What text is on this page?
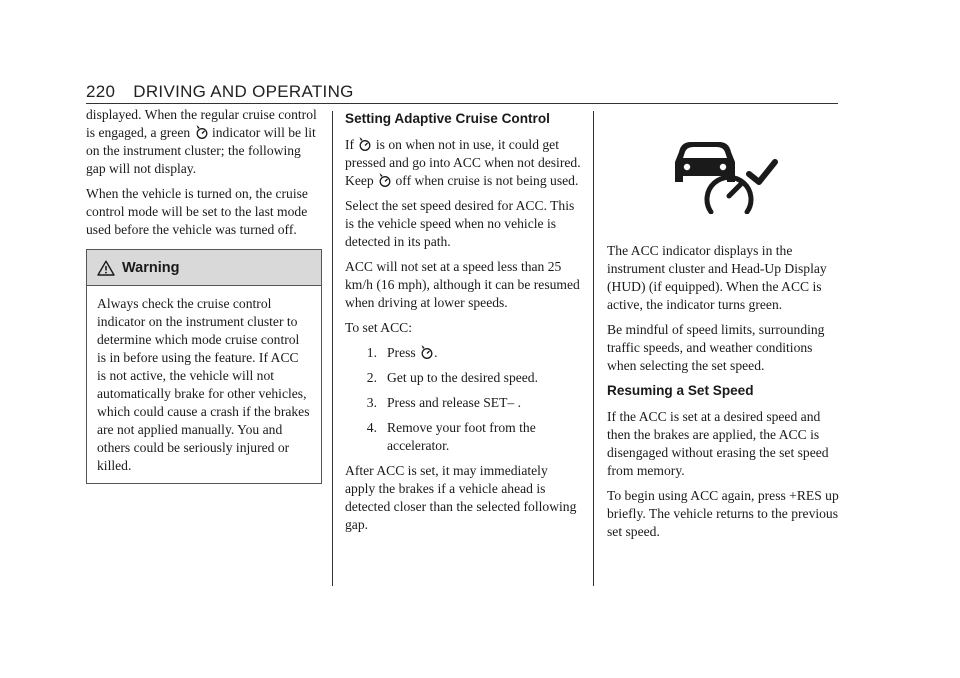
220 DRIVING AND OPERATING

displayed. When the regular cruise control is engaged, a green indicator will be lit on the instrument cluster; the following gap will not display.

When the vehicle is turned on, the cruise control mode will be set to the last mode used before the vehicle was turned off.

Warning
Always check the cruise control indicator on the instrument cluster to determine which mode cruise control is in before using the feature. If ACC is not active, the vehicle will not automatically brake for other vehicles, which could cause a crash if the brakes are not applied manually. You and others could be seriously injured or killed.
Setting Adaptive Cruise Control

If is on when not in use, it could get pressed and go into ACC when not desired. Keep off when cruise is not being used.

Select the set speed desired for ACC. This is the vehicle speed when no vehicle is detected in its path.

ACC will not set at a speed less than 25 km/h (16 mph), although it can be resumed when driving at lower speeds.

To set ACC:

1. Press .
2. Get up to the desired speed.
3. Press and release SET– .
4. Remove your foot from the accelerator.

After ACC is set, it may immediately apply the brakes if a vehicle ahead is detected closer than the selected following gap.

The ACC indicator displays in the instrument cluster and Head-Up Display (HUD) (if equipped). When the ACC is active, the indicator turns green.

Be mindful of speed limits, surrounding traffic speeds, and weather conditions when selecting the set speed.

Resuming a Set Speed

If the ACC is set at a desired speed and then the brakes are applied, the ACC is disengaged without erasing the set speed from memory.

To begin using ACC again, press +RES up briefly. The vehicle returns to the previous set speed.
